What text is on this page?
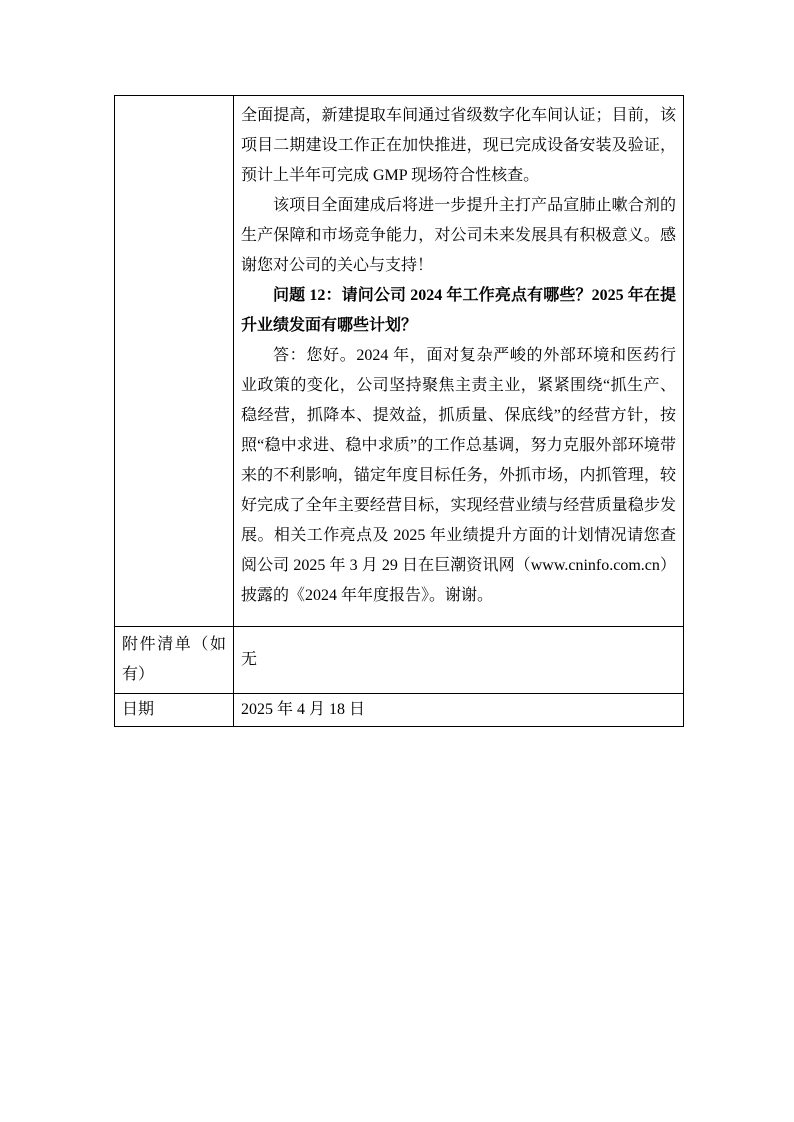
	全面提高，新建提取车间通过省级数字化车间认证；目前，该项目二期建设工作正在加快推进，现已完成设备安装及验证，预计上半年可完成 GMP 现场符合性核查。

该项目全面建成后将进一步提升主打产品宣肺止嗽合剂的生产保障和市场竞争能力，对公司未来发展具有积极意义。感谢您对公司的关心与支持！

问题 12：请问公司 2024 年工作亮点有哪些？2025 年在提升业绩发面有哪些计划？

答：您好。2024 年，面对复杂严峻的外部环境和医药行业政策的变化，公司坚持聚焦主责主业，紧紧围绕“抓生产、稳经营，抓降本、提效益，抓质量、保底线”的经营方针，按照“稳中求进、稳中求质”的工作总基调，努力克服外部环境带来的不利影响，锚定年度目标任务，外抓市场，内抓管理，较好完成了全年主要经营目标，实现经营业绩与经营质量稳步发展。相关工作亮点及 2025 年业绩提升方面的计划情况请您查阅公司 2025 年 3 月 29 日在巨潮资讯网（www.cninfo.com.cn）披露的《2024 年年度报告》。谢谢。

附件清单（如有）	无
日期	2025 年 4 月 18 日
